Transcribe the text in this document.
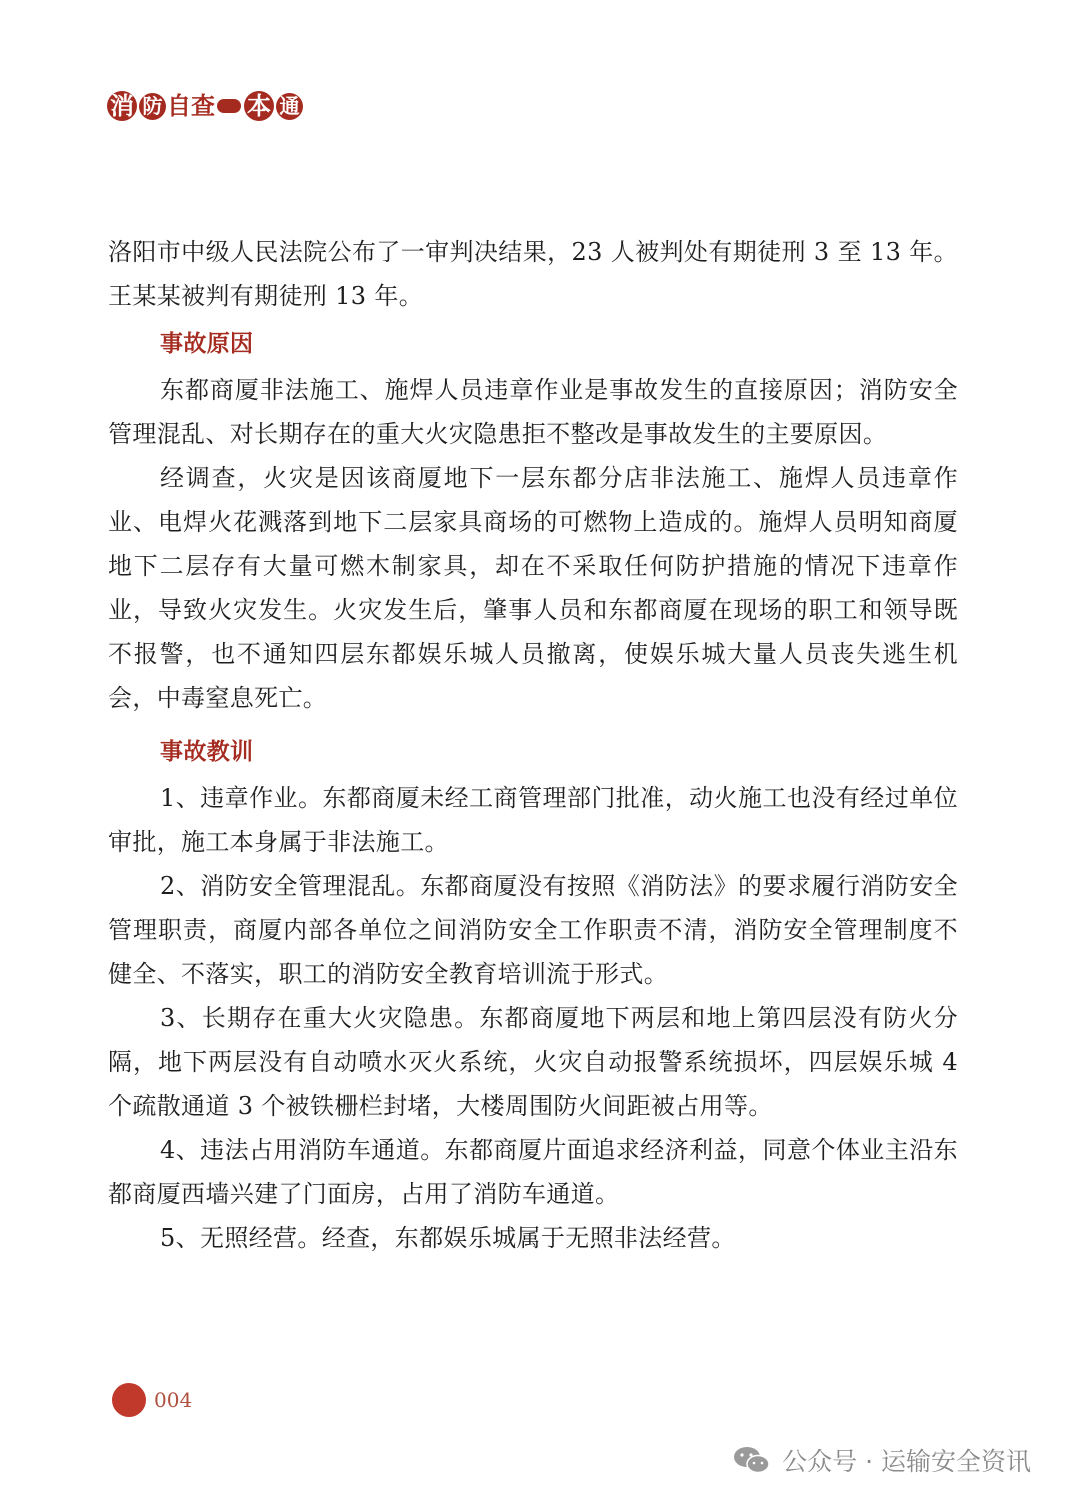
消 防 自 查 本 通

洛阳市中级人民法院公布了一审判决结果，23 人被判处有期徒刑 3 至 13 年。王某某被判有期徒刑 13 年。

事故原因

东都商厦非法施工、施焊人员违章作业是事故发生的直接原因；消防安全管理混乱、对长期存在的重大火灾隐患拒不整改是事故发生的主要原因。

经调查，火灾是因该商厦地下一层东都分店非法施工、施焊人员违章作业、电焊火花溅落到地下二层家具商场的可燃物上造成的。施焊人员明知商厦地下二层存有大量可燃木制家具，却在不采取任何防护措施的情况下违章作业，导致火灾发生。火灾发生后，肇事人员和东都商厦在现场的职工和领导既不报警，也不通知四层东都娱乐城人员撤离，使娱乐城大量人员丧失逃生机会，中毒窒息死亡。

事故教训

1、违章作业。东都商厦未经工商管理部门批准，动火施工也没有经过单位审批，施工本身属于非法施工。

2、消防安全管理混乱。东都商厦没有按照《消防法》的要求履行消防安全管理职责，商厦内部各单位之间消防安全工作职责不清，消防安全管理制度不健全、不落实，职工的消防安全教育培训流于形式。

3、长期存在重大火灾隐患。东都商厦地下两层和地上第四层没有防火分隔，地下两层没有自动喷水灭火系统，火灾自动报警系统损坏，四层娱乐城 4 个疏散通道 3 个被铁栅栏封堵，大楼周围防火间距被占用等。

4、违法占用消防车通道。东都商厦片面追求经济利益，同意个体业主沿东都商厦西墙兴建了门面房，占用了消防车通道。

5、无照经营。经查，东都娱乐城属于无照非法经营。

004
公众号 · 运输安全资讯
